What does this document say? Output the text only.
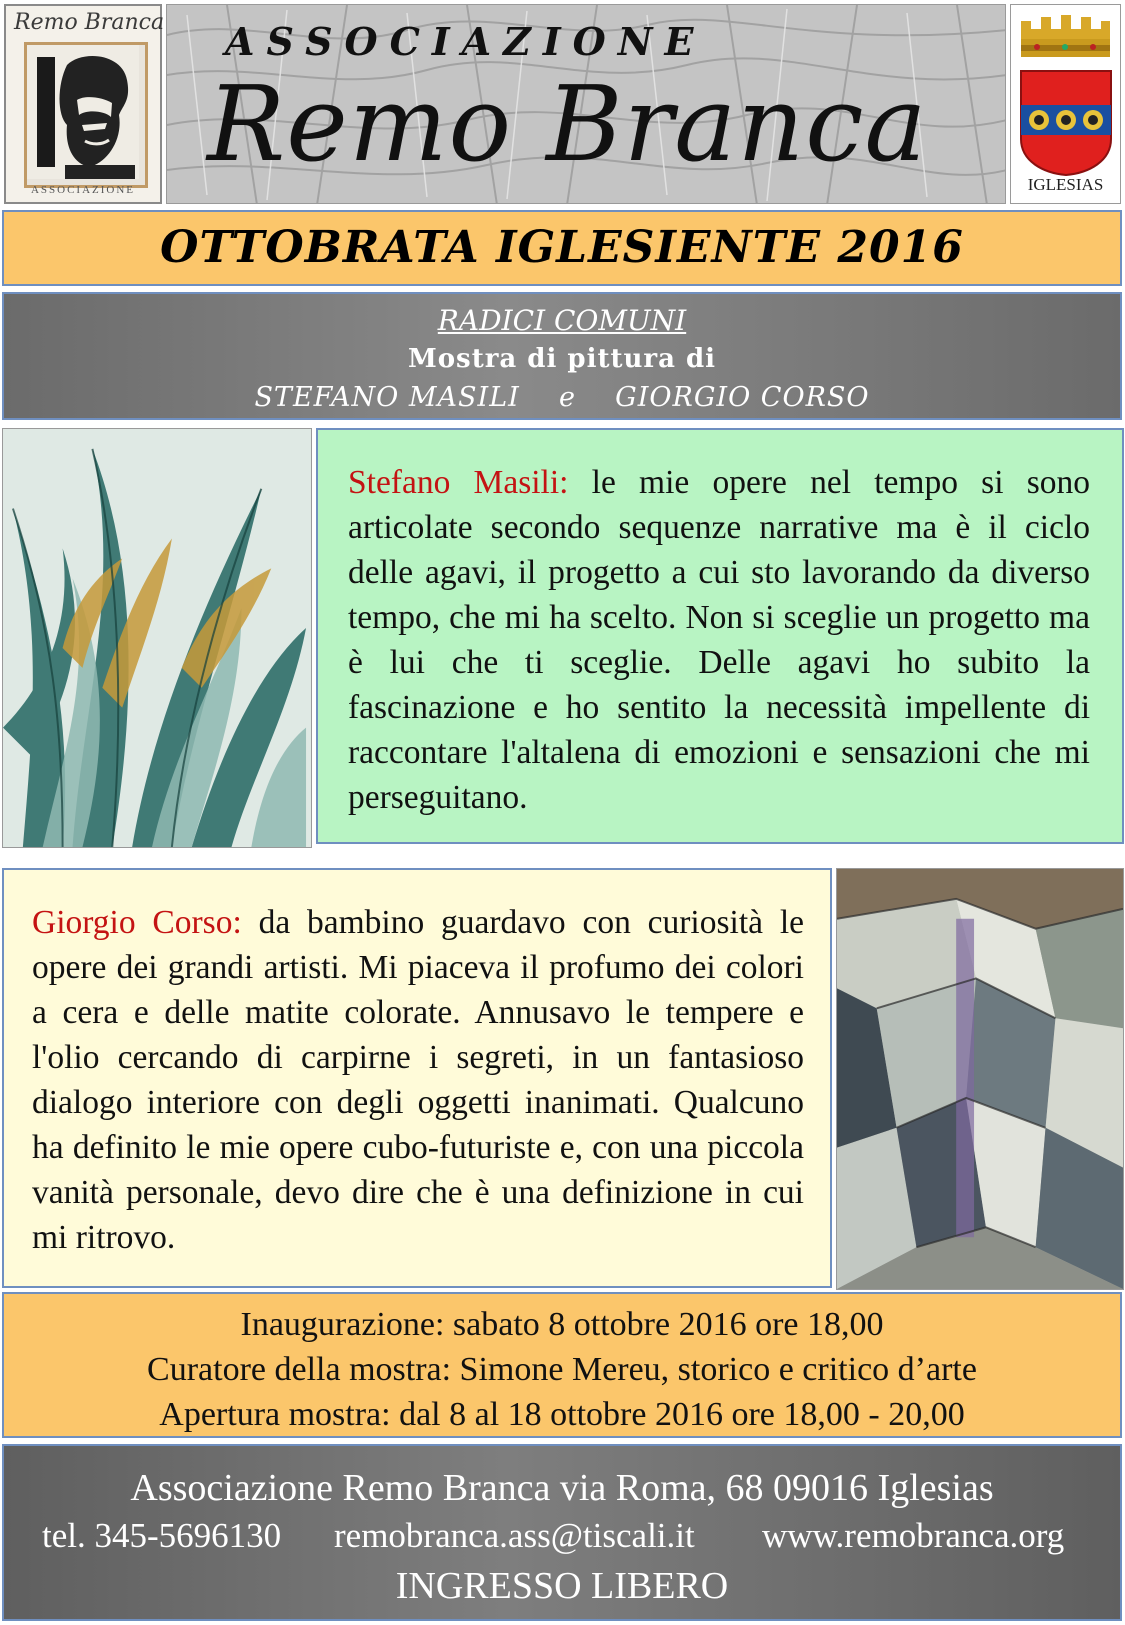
Remo Branca
ASSOCIAZIONE
ASSOCIAZIONE
Remo Branca	IGLESIAS
OTTOBRATA IGLESIENTE 2016
RADICI COMUNI
Mostra di pittura di
STEFANO MASILI e GIORGIO CORSO
Stefano Masili: le mie opere nel tempo si sono articolate secondo sequenze narrative ma è il ciclo delle agavi, il progetto a cui sto lavorando da diverso tempo, che mi ha scelto. Non si sceglie un progetto ma è lui che ti sceglie. Delle agavi ho subito la fascinazione e ho sentito la necessità impellente di raccontare l'altalena di emozioni e sensazioni che mi perseguitano.
Giorgio Corso: da bambino guardavo con curiosità le opere dei grandi artisti. Mi piaceva il profumo dei colori a cera e delle matite colorate. Annusavo le tempere e l'olio cercando di carpirne i segreti, in un fantasioso dialogo interiore con degli oggetti inanimati. Qualcuno ha definito le mie opere cubo-futuriste e, con una piccola vanità personale, devo dire che è una definizione in cui mi ritrovo.
Inaugurazione: sabato 8 ottobre 2016 ore 18,00
Curatore della mostra: Simone Mereu, storico e critico d’arte
Apertura mostra: dal 8 al 18 ottobre 2016 ore 18,00 - 20,00
Associazione Remo Branca via Roma, 68 09016 Iglesias
tel. 345-5696130 remobranca.ass@tiscali.it www.remobranca.org
INGRESSO LIBERO
